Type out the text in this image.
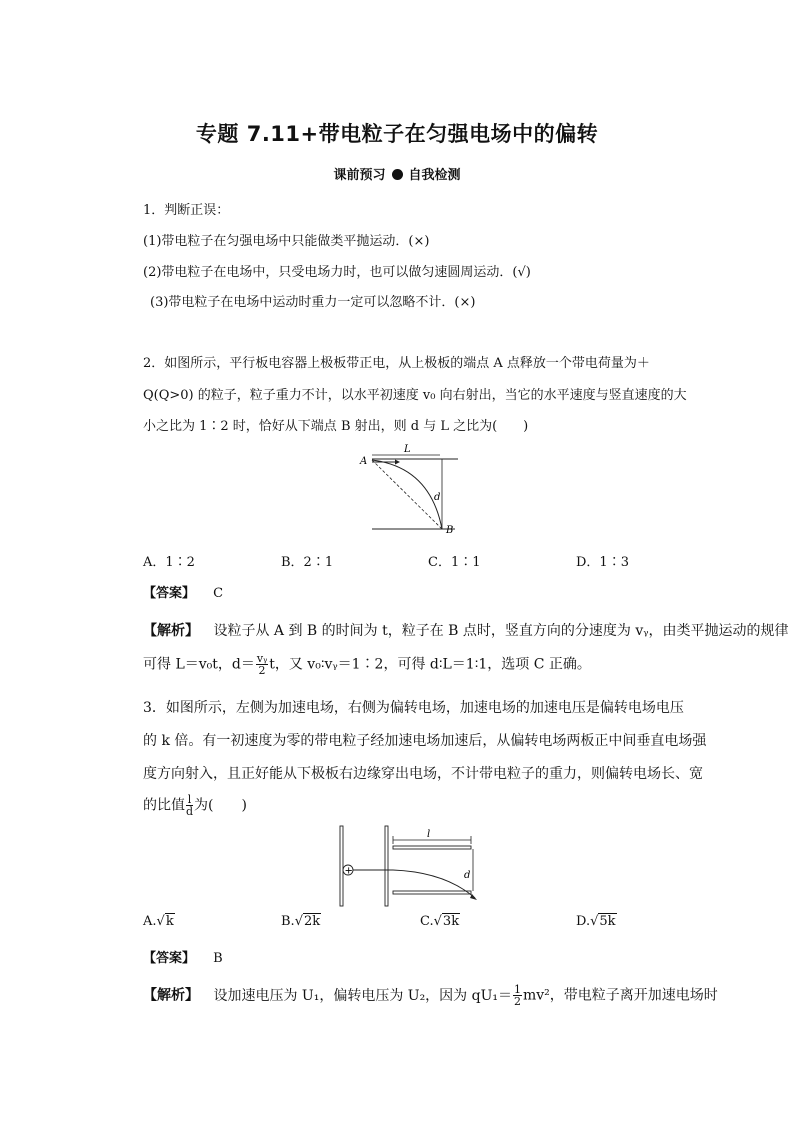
专题 7.11+带电粒子在匀强电场中的偏转
课前预习 自我检测
1．判断正误：
(1)带电粒子在匀强电场中只能做类平抛运动．(×)
(2)带电粒子在电场中，只受电场力时，也可以做匀速圆周运动．(√)
(3)带电粒子在电场中运动时重力一定可以忽略不计．(×)
2．如图所示，平行板电容器上极板带正电，从上极板的端点 A 点释放一个带电荷量为＋
Q(Q>0) 的粒子，粒子重力不计，以水平初速度 v₀ 向右射出，当它的水平速度与竖直速度的大
小之比为 1∶2 时，恰好从下端点 B 射出，则 d 与 L 之比为(　　)
A
B
L
d
A．1∶2	B．2∶1	C．1∶1	D．1∶3
【答案】 C
【解析】 设粒子从 A 到 B 的时间为 t，粒子在 B 点时，竖直方向的分速度为 vᵧ，由类平抛运动的规律
可得 L＝v₀t，$d= \frac{\text{vᵧ}}{2}$ t，又 v₀∶vᵧ＝1∶2，可得 d∶L＝1∶1，选项 C 正确。
3．如图所示，左侧为加速电场，右侧为偏转电场，加速电场的加速电压是偏转电场电压
的 k 倍。有一初速度为零的带电粒子经加速电场加速后，从偏转电场两板正中间垂直电场强
度方向射入，且正好能从下极板右边缘穿出电场，不计带电粒子的重力，则偏转电场长、宽
的比值 $\frac{l}{d}$ 为(　　)
+
l
d
A.√k	B.√2k	C.√3k	D.√5k
【答案】 B
【解析】 设加速电压为 U₁，偏转电压为 U₂，因为 $qU_1= \frac{1}{2} mv^2$，带电粒子离开加速电场时
